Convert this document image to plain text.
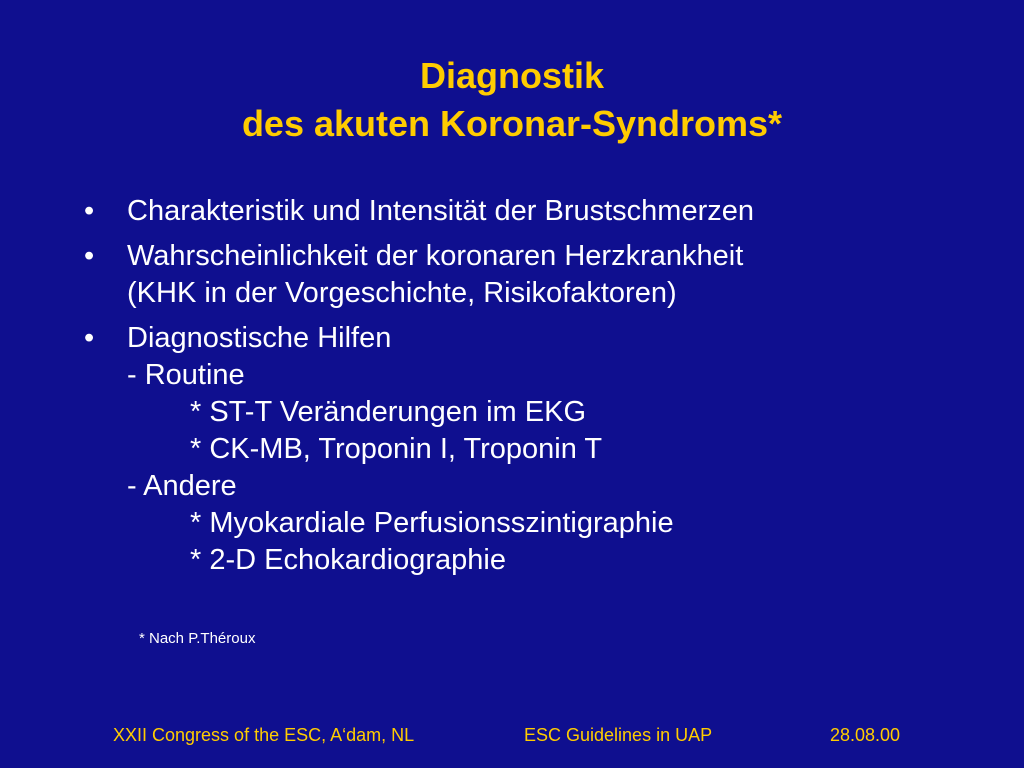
Diagnostik
des akuten Koronar-Syndroms*
•	Charakteristik und Intensität der Brustschmerzen
•	Wahrscheinlichkeit der koronaren Herzkrankheit
(KHK in der Vorgeschichte, Risikofaktoren)
•	Diagnostische Hilfen
- Routine
* ST-T Veränderungen im EKG
* CK-MB, Troponin I, Troponin T
- Andere
* Myokardiale Perfusionsszintigraphie
* 2-D Echokardiographie
* Nach P.Théroux
XXII Congress of the ESC, A‘dam, NL	ESC Guidelines in UAP	28.08.00
